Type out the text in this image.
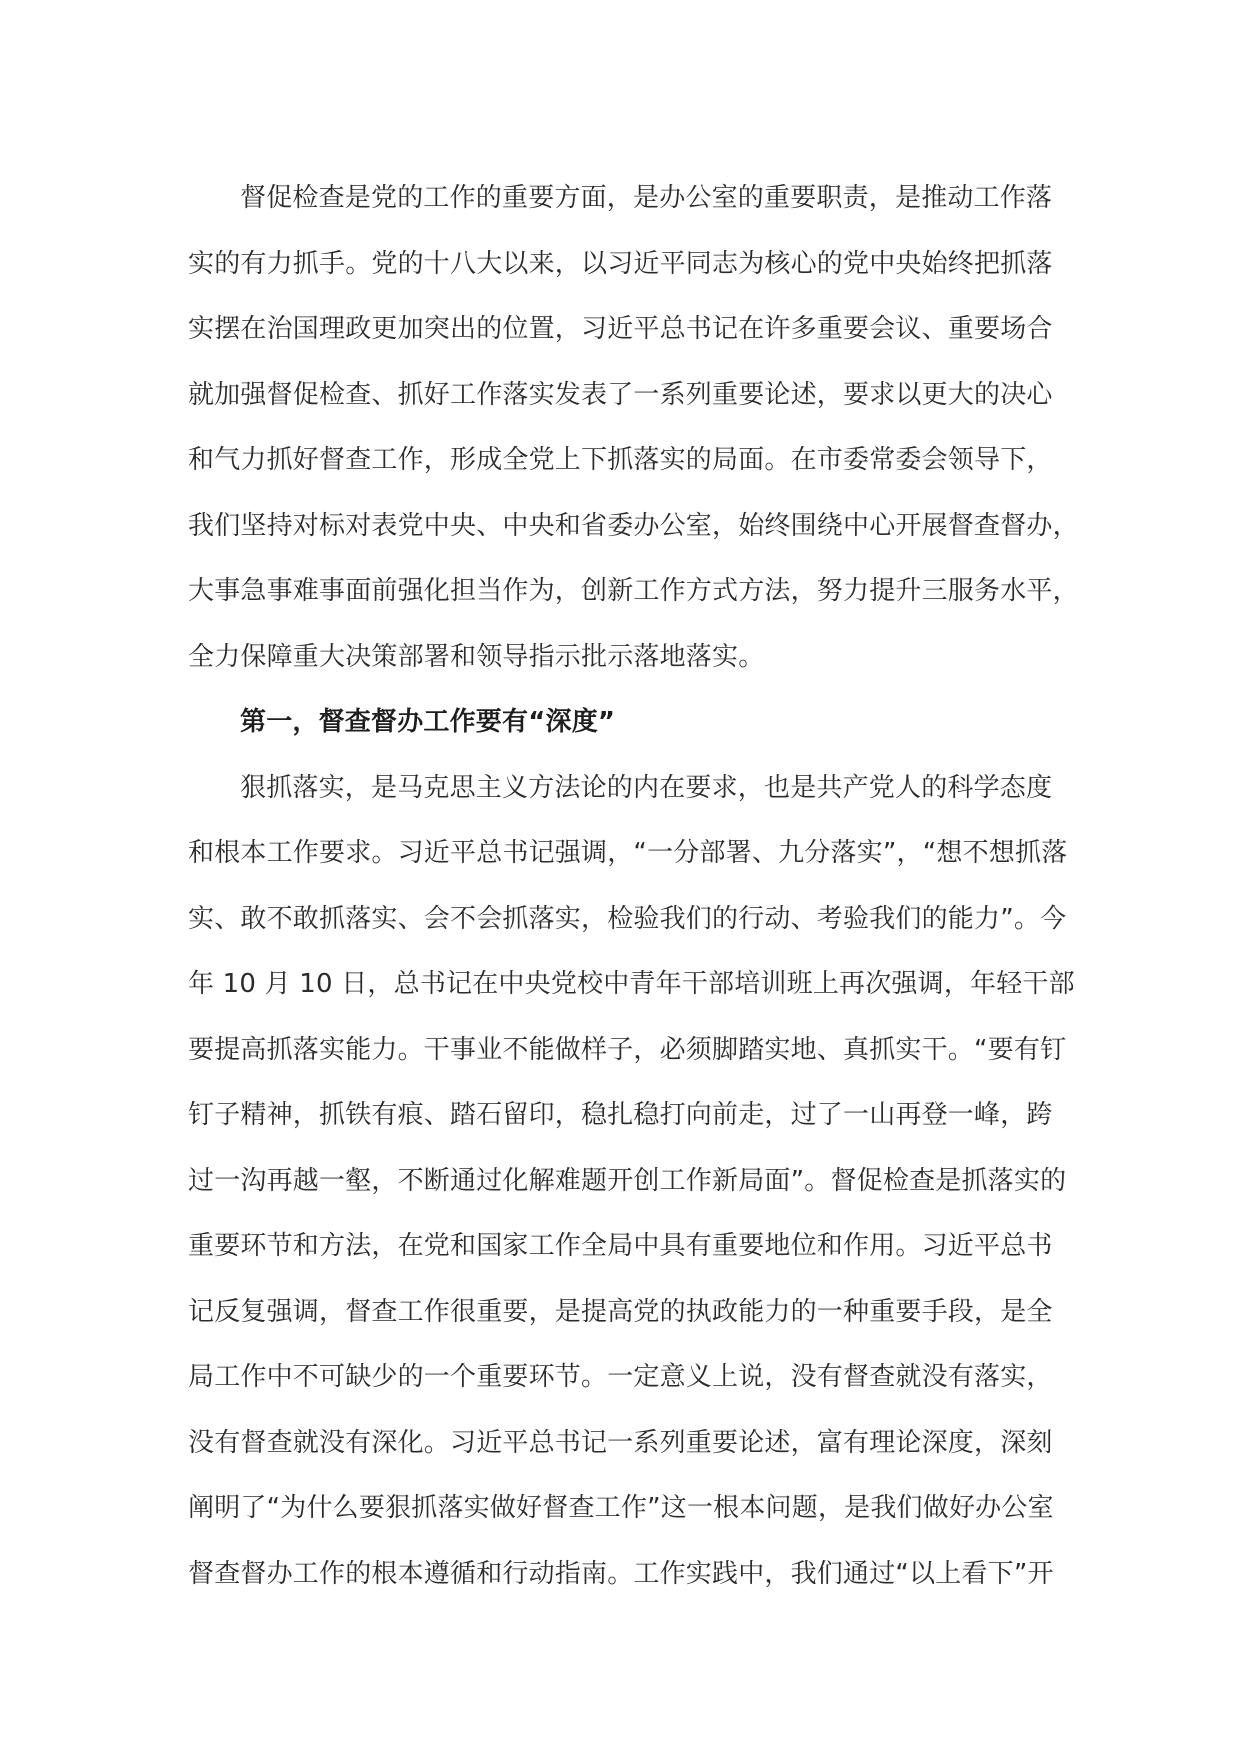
督促检查是党的工作的重要方面，是办公室的重要职责，是推动工作落
实的有力抓手。党的十八大以来，以习近平同志为核心的党中央始终把抓落
实摆在治国理政更加突出的位置，习近平总书记在许多重要会议、重要场合
就加强督促检查、抓好工作落实发表了一系列重要论述，要求以更大的决心
和气力抓好督查工作，形成全党上下抓落实的局面。在市委常委会领导下，
我们坚持对标对表党中央、中央和省委办公室，始终围绕中心开展督查督办，
大事急事难事面前强化担当作为，创新工作方式方法，努力提升三服务水平，
全力保障重大决策部署和领导指示批示落地落实。
第一，督查督办工作要有“深度”
狠抓落实，是马克思主义方法论的内在要求，也是共产党人的科学态度
和根本工作要求。习近平总书记强调，“一分部署、九分落实”，“想不想抓落
实、敢不敢抓落实、会不会抓落实，检验我们的行动、考验我们的能力”。今
年 10 月 10 日，总书记在中央党校中青年干部培训班上再次强调，年轻干部
要提高抓落实能力。干事业不能做样子，必须脚踏实地、真抓实干。“要有钉
钉子精神，抓铁有痕、踏石留印，稳扎稳打向前走，过了一山再登一峰，跨
过一沟再越一壑，不断通过化解难题开创工作新局面”。督促检查是抓落实的
重要环节和方法，在党和国家工作全局中具有重要地位和作用。习近平总书
记反复强调，督查工作很重要，是提高党的执政能力的一种重要手段，是全
局工作中不可缺少的一个重要环节。一定意义上说，没有督查就没有落实，
没有督查就没有深化。习近平总书记一系列重要论述，富有理论深度，深刻
阐明了“为什么要狠抓落实做好督查工作”这一根本问题，是我们做好办公室
督查督办工作的根本遵循和行动指南。工作实践中，我们通过“以上看下”开
